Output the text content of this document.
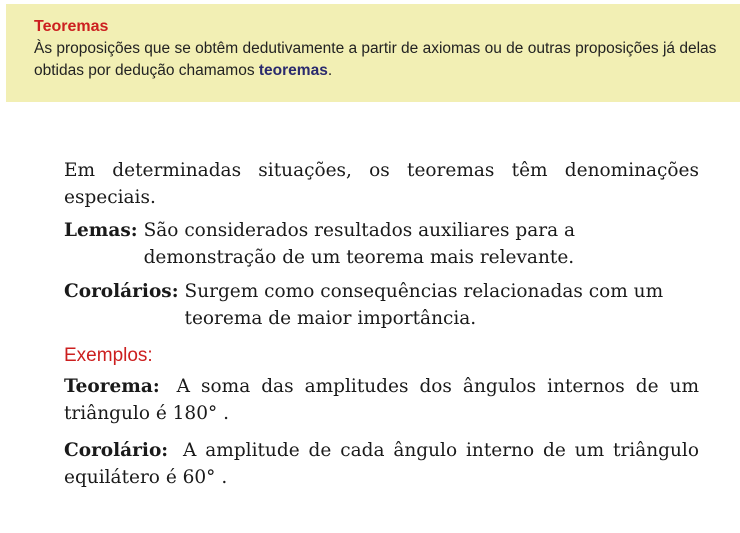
Teoremas

Às proposições que se obtêm dedutivamente a partir de axiomas ou de outras proposições já delas obtidas por dedução chamamos teoremas.

Em determinadas situações, os teoremas têm denominações especiais.

Lemas: São considerados resultados auxiliares para a demonstração de um teorema mais relevante.
Corolários: Surgem como consequências relacionadas com um teorema de maior importância.

Exemplos:

Teorema: A soma das amplitudes dos ângulos internos de um triângulo é 180° .

Corolário: A amplitude de cada ângulo interno de um triângulo equilátero é 60° .
